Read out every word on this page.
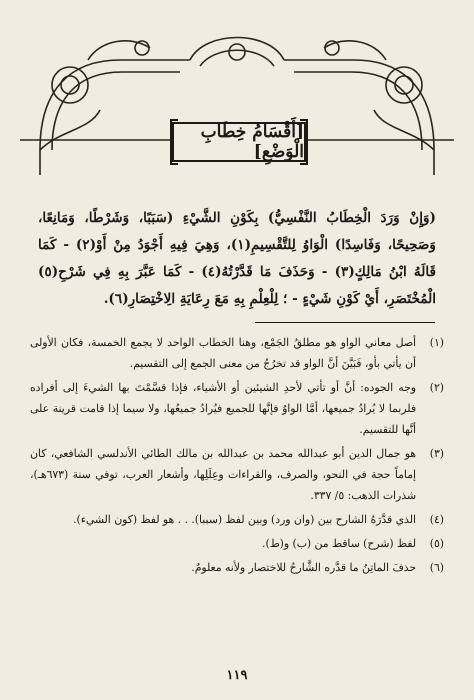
[أَقْسَامُ خِطَابِ الْوَضْعِ]
(وَإِنْ وَرَدَ الْخِطَابُ النَّفْسِيُّ) بِكَوْنِ الشَّيْءِ (سَبَبًا، وَشَرْطًا، وَمَانِعًا، وَصَحِيحًا، وَفَاسِدًا) الْوَاوُ لِلتَّقْسِيمِ(١)، وَهِيَ فِيهِ أَجْوَدُ مِنْ أَوْ(٢) - كَمَا قَالَهُ ابْنُ مَالِكٍ(٣) - وَحَذَفَ مَا قَدَّرْتُهُ(٤) - كَمَا عَبَّرَ بِهِ فِي شَرْحِ(٥) الْمُخْتَصَرِ، أَيْ كَوْنِ شَيْءٍ - ؛ لِلْعِلْمِ بِهِ مَعَ رِعَايَةِ الِاخْتِصَارِ(٦).
(١)
أصل معاني الواو هو مطلقُ الجَمْع، وهنا الخطاب الواحد لا يجمع الخمسة، فكان الأولى أن يأتي بأو، فَبَيَّنَ أنَّ الواو قد تخرُجُ من معنى الجمع إلى التقسيم.
(٢)
وجه الجوده: أنَّ أو تأتي لأحدِ الشيئين أو الأشياء، فإذا قسَّمْتَ بها الشيءَ إلى أفراده فلربما لا يُرادُ جميعها، أمَّا الواوُ فإنَّها للجميع فيُرادُ جميعُها، ولا سيما إذا قامت قرينة على أنَّها للتقسيم.
(٣)
هو جمال الدين أبو عبدالله محمد بن عبدالله بن مالك الطائي الأندلسي الشافعي، كان إماماً حجة في النحو، والصرف، والقراءات وعِلَلِها، وأشعار العرب، توفي سنة (٦٧٣هـ)، شذرات الذهب: ٥/ ٣٣٧.
(٤)
الذي قدَّرَهُ الشارح بين (وان ورد) وبين لفظ (سببا). . . هو لفظ (كون الشيء).
(٥)
لفظ (شرح) ساقط من (ب) و(ط).
(٦)
حذفَ الماتِنُ ما قدَّره الشَّارحُ للاختصار ولأنه معلومٌ.
١١٩
